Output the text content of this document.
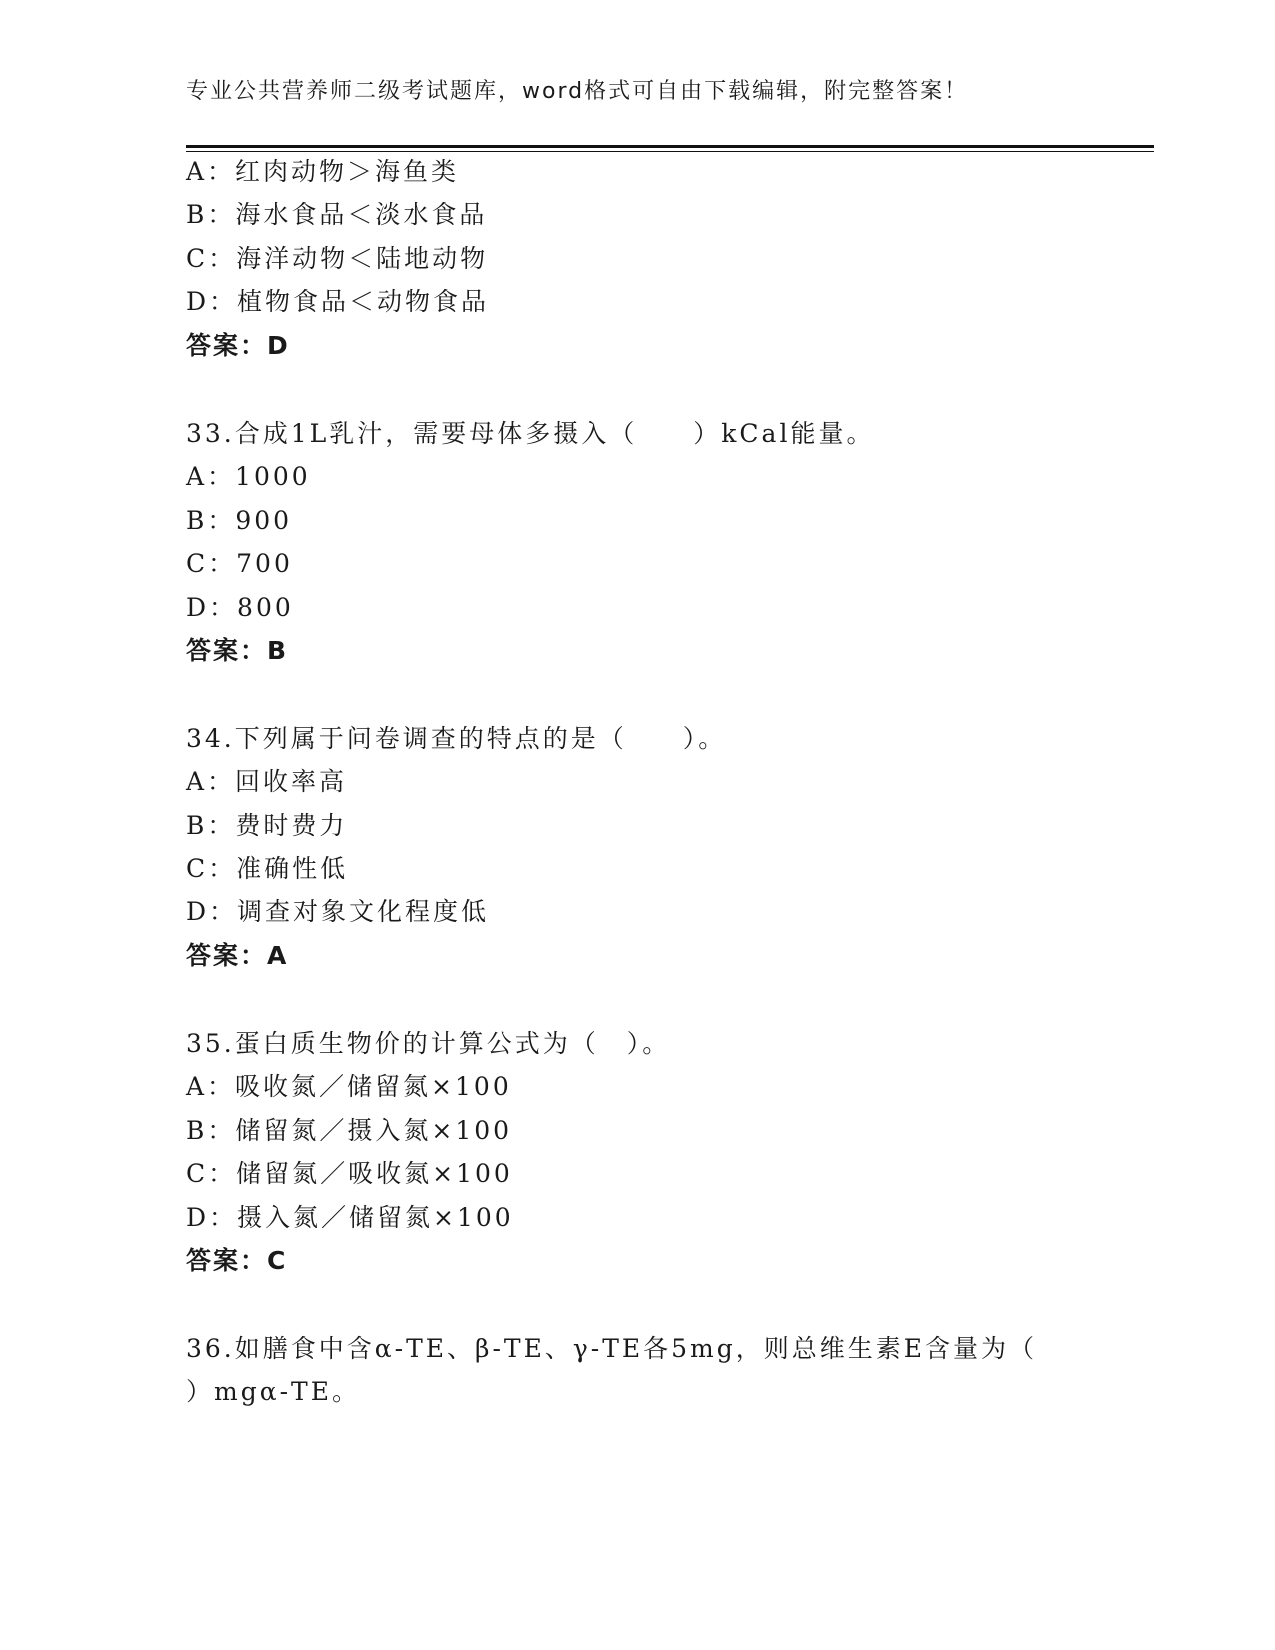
专业公共营养师二级考试题库，word格式可自由下载编辑，附完整答案！
A：红肉动物＞海鱼类
B：海水食品＜淡水食品
C：海洋动物＜陆地动物
D：植物食品＜动物食品
答案：D
33.合成1L乳汁，需要母体多摄入（　　）kCal能量。
A：1000
B：900
C：700
D：800
答案：B
34.下列属于问卷调查的特点的是（　　）。
A：回收率高
B：费时费力
C：准确性低
D：调查对象文化程度低
答案：A
35.蛋白质生物价的计算公式为（　）。
A：吸收氮／储留氮×100
B：储留氮／摄入氮×100
C：储留氮／吸收氮×100
D：摄入氮／储留氮×100
答案：C
36.如膳食中含α-TE、β-TE、γ-TE各5mg，则总维生素E含量为（
）mgα-TE。
